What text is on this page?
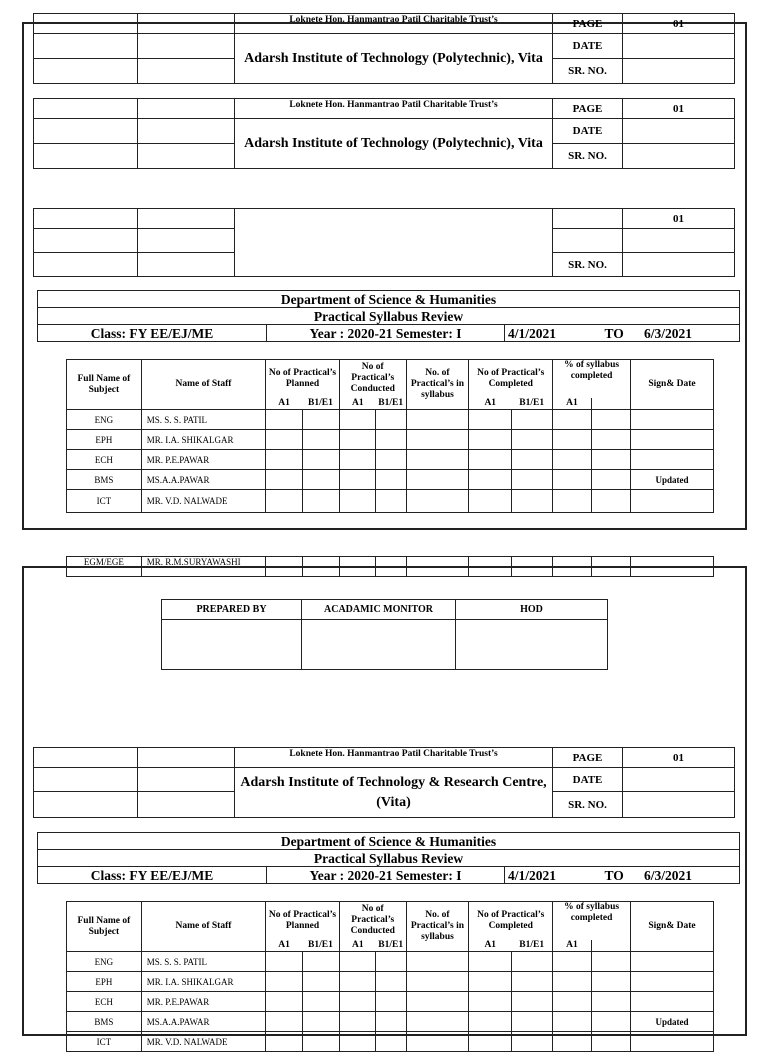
		Loknete Hon. Hanmantrao Patil Charitable Trust’s	PAGE	01
		Adarsh Institute of Technology (Polytechnic), Vita	DATE	
			SR. NO.	
		Loknete Hon. Hanmantrao Patil Charitable Trust’s	PAGE	01
		Adarsh Institute of Technology (Polytechnic), Vita	DATE	
			SR. NO.	
				01

			SR. NO.	
Department of Science & Humanities
Practical Syllabus Review
Class: FY EE/EJ/ME	Year : 2020-21 Semester: I	4/1/2021	TO 6/3/2021
Full Name of Subject	Name of Staff	No of Practical’s Planned		No of Practical’s Conducted		No. of Practical’s in syllabus	No of Practical’s Completed		% of syllabus completed		Sign& Date
		A1	B1/E1	A1	B1/E1		A1	B1/E1	A1		
ENG	MS. S. S. PATIL										
EPH	MR. I.A. SHIKALGAR										
ECH	MR. P.E.PAWAR										
BMS	MS.A.A.PAWAR										Updated
ICT	MR. V.D. NALWADE										
EGM/EGE	MR. R.M.SURYAWASHI										
PREPARED BY	ACADAMIC MONITOR	HOD

		Loknete Hon. Hanmantrao Patil Charitable Trust’s	PAGE	01
		Adarsh Institute of Technology & Research Centre,(Vita)	DATE	
			SR. NO.	
Department of Science & Humanities
Practical Syllabus Review
Class: FY EE/EJ/ME	Year : 2020-21 Semester: I	4/1/2021	TO 6/3/2021
Full Name of Subject	Name of Staff	No of Practical’s Planned		No of Practical’s Conducted		No. of Practical’s in syllabus	No of Practical’s Completed		% of syllabus completed		Sign& Date
		A1	B1/E1	A1	B1/E1		A1	B1/E1	A1		
ENG	MS. S. S. PATIL										
EPH	MR. I.A. SHIKALGAR										
ECH	MR. P.E.PAWAR										
BMS	MS.A.A.PAWAR										Updated
ICT	MR. V.D. NALWADE										
